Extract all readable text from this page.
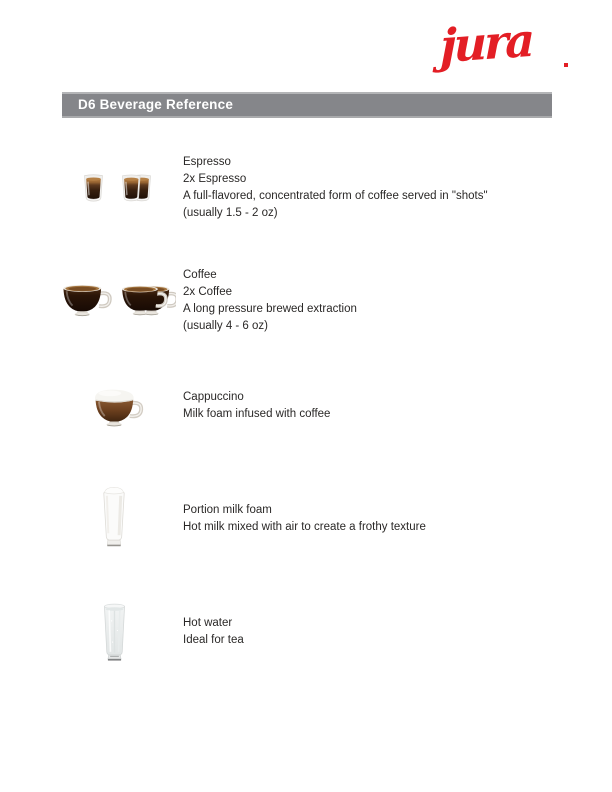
jura
D6 Beverage Reference
Espresso
2x Espresso
A full-flavored, concentrated form of coffee served in "shots"
(usually 1.5 - 2 oz)
Coffee
2x Coffee
A long pressure brewed extraction
(usually 4 - 6 oz)
Cappuccino
Milk foam infused with coffee
Portion milk foam
Hot milk mixed with air to create a frothy texture
Hot water
Ideal for tea
